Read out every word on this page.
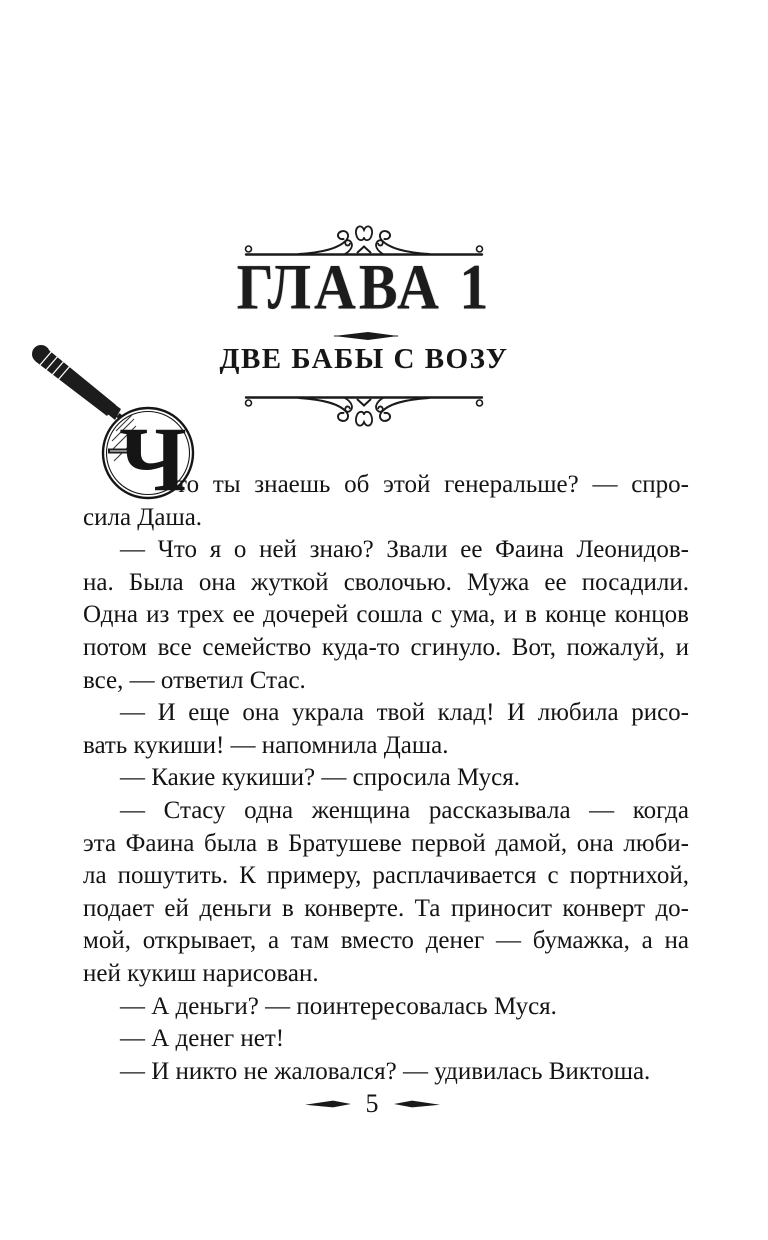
ГЛАВА 1
ДВЕ БАБЫ С ВОЗУ
Ч
то ты знаешь об этой генеральше? — спро-
сила Даша.
— Что я о ней знаю? Звали ее Фаина Леонидов-
на. Была она жуткой сволочью. Мужа ее посадили.
Одна из трех ее дочерей сошла с ума, и в конце концов
потом все семейство куда-то сгинуло. Вот, пожалуй, и
все, — ответил Стас.
— И еще она украла твой клад! И любила рисо-
вать кукиши! — напомнила Даша.
— Какие кукиши? — спросила Муся.
— Стасу одна женщина рассказывала — когда
эта Фаина была в Братушеве первой дамой, она люби-
ла пошутить. К примеру, расплачивается с портнихой,
подает ей деньги в конверте. Та приносит конверт до-
мой, открывает, а там вместо денег — бумажка, а на
ней кукиш нарисован.
— А деньги? — поинтересовалась Муся.
— А денег нет!
— И никто не жаловался? — удивилась Виктоша.
5
